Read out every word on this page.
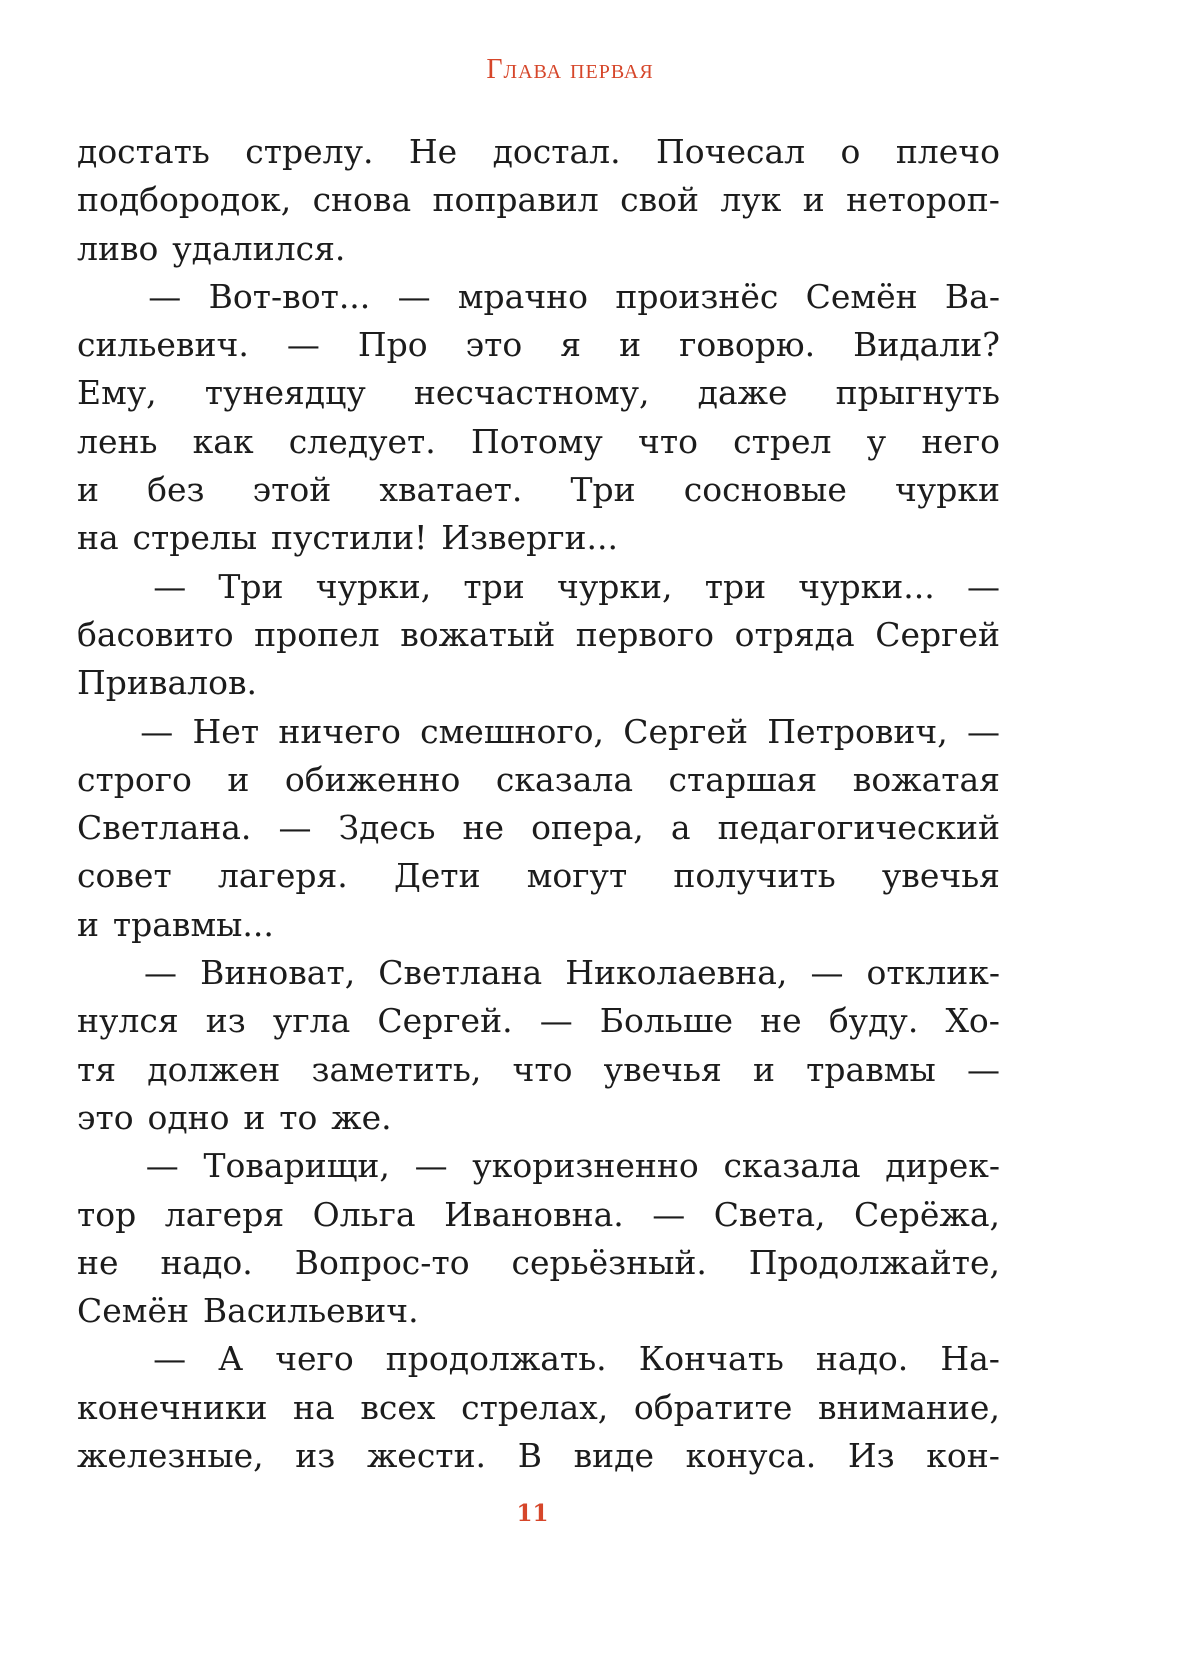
Глава первая
достать стрелу. Не достал. Почесал о плечо
подбородок, снова поправил свой лук и нетороп-
ливо удалился.
— Вот-вот... — мрачно произнёс Семён Ва-
сильевич. — Про это я и говорю. Видали?
Ему, тунеядцу несчастному, даже прыгнуть
лень как следует. Потому что стрел у него
и без этой хватает. Три сосновые чурки
на стрелы пустили! Изверги...
— Три чурки, три чурки, три чурки... —
басовито пропел вожатый первого отряда Сергей
Привалов.
— Нет ничего смешного, Сергей Петрович, —
строго и обиженно сказала старшая вожатая
Светлана. — Здесь не опера, а педагогический
совет лагеря. Дети могут получить увечья
и травмы...
— Виноват, Светлана Николаевна, — отклик-
нулся из угла Сергей. — Больше не буду. Хо-
тя должен заметить, что увечья и травмы —
это одно и то же.
— Товарищи, — укоризненно сказала дирек-
тор лагеря Ольга Ивановна. — Света, Серёжа,
не надо. Вопрос-то серьёзный. Продолжайте,
Семён Васильевич.
— А чего продолжать. Кончать надо. На-
конечники на всех стрелах, обратите внимание,
железные, из жести. В виде конуса. Из кон-
11
